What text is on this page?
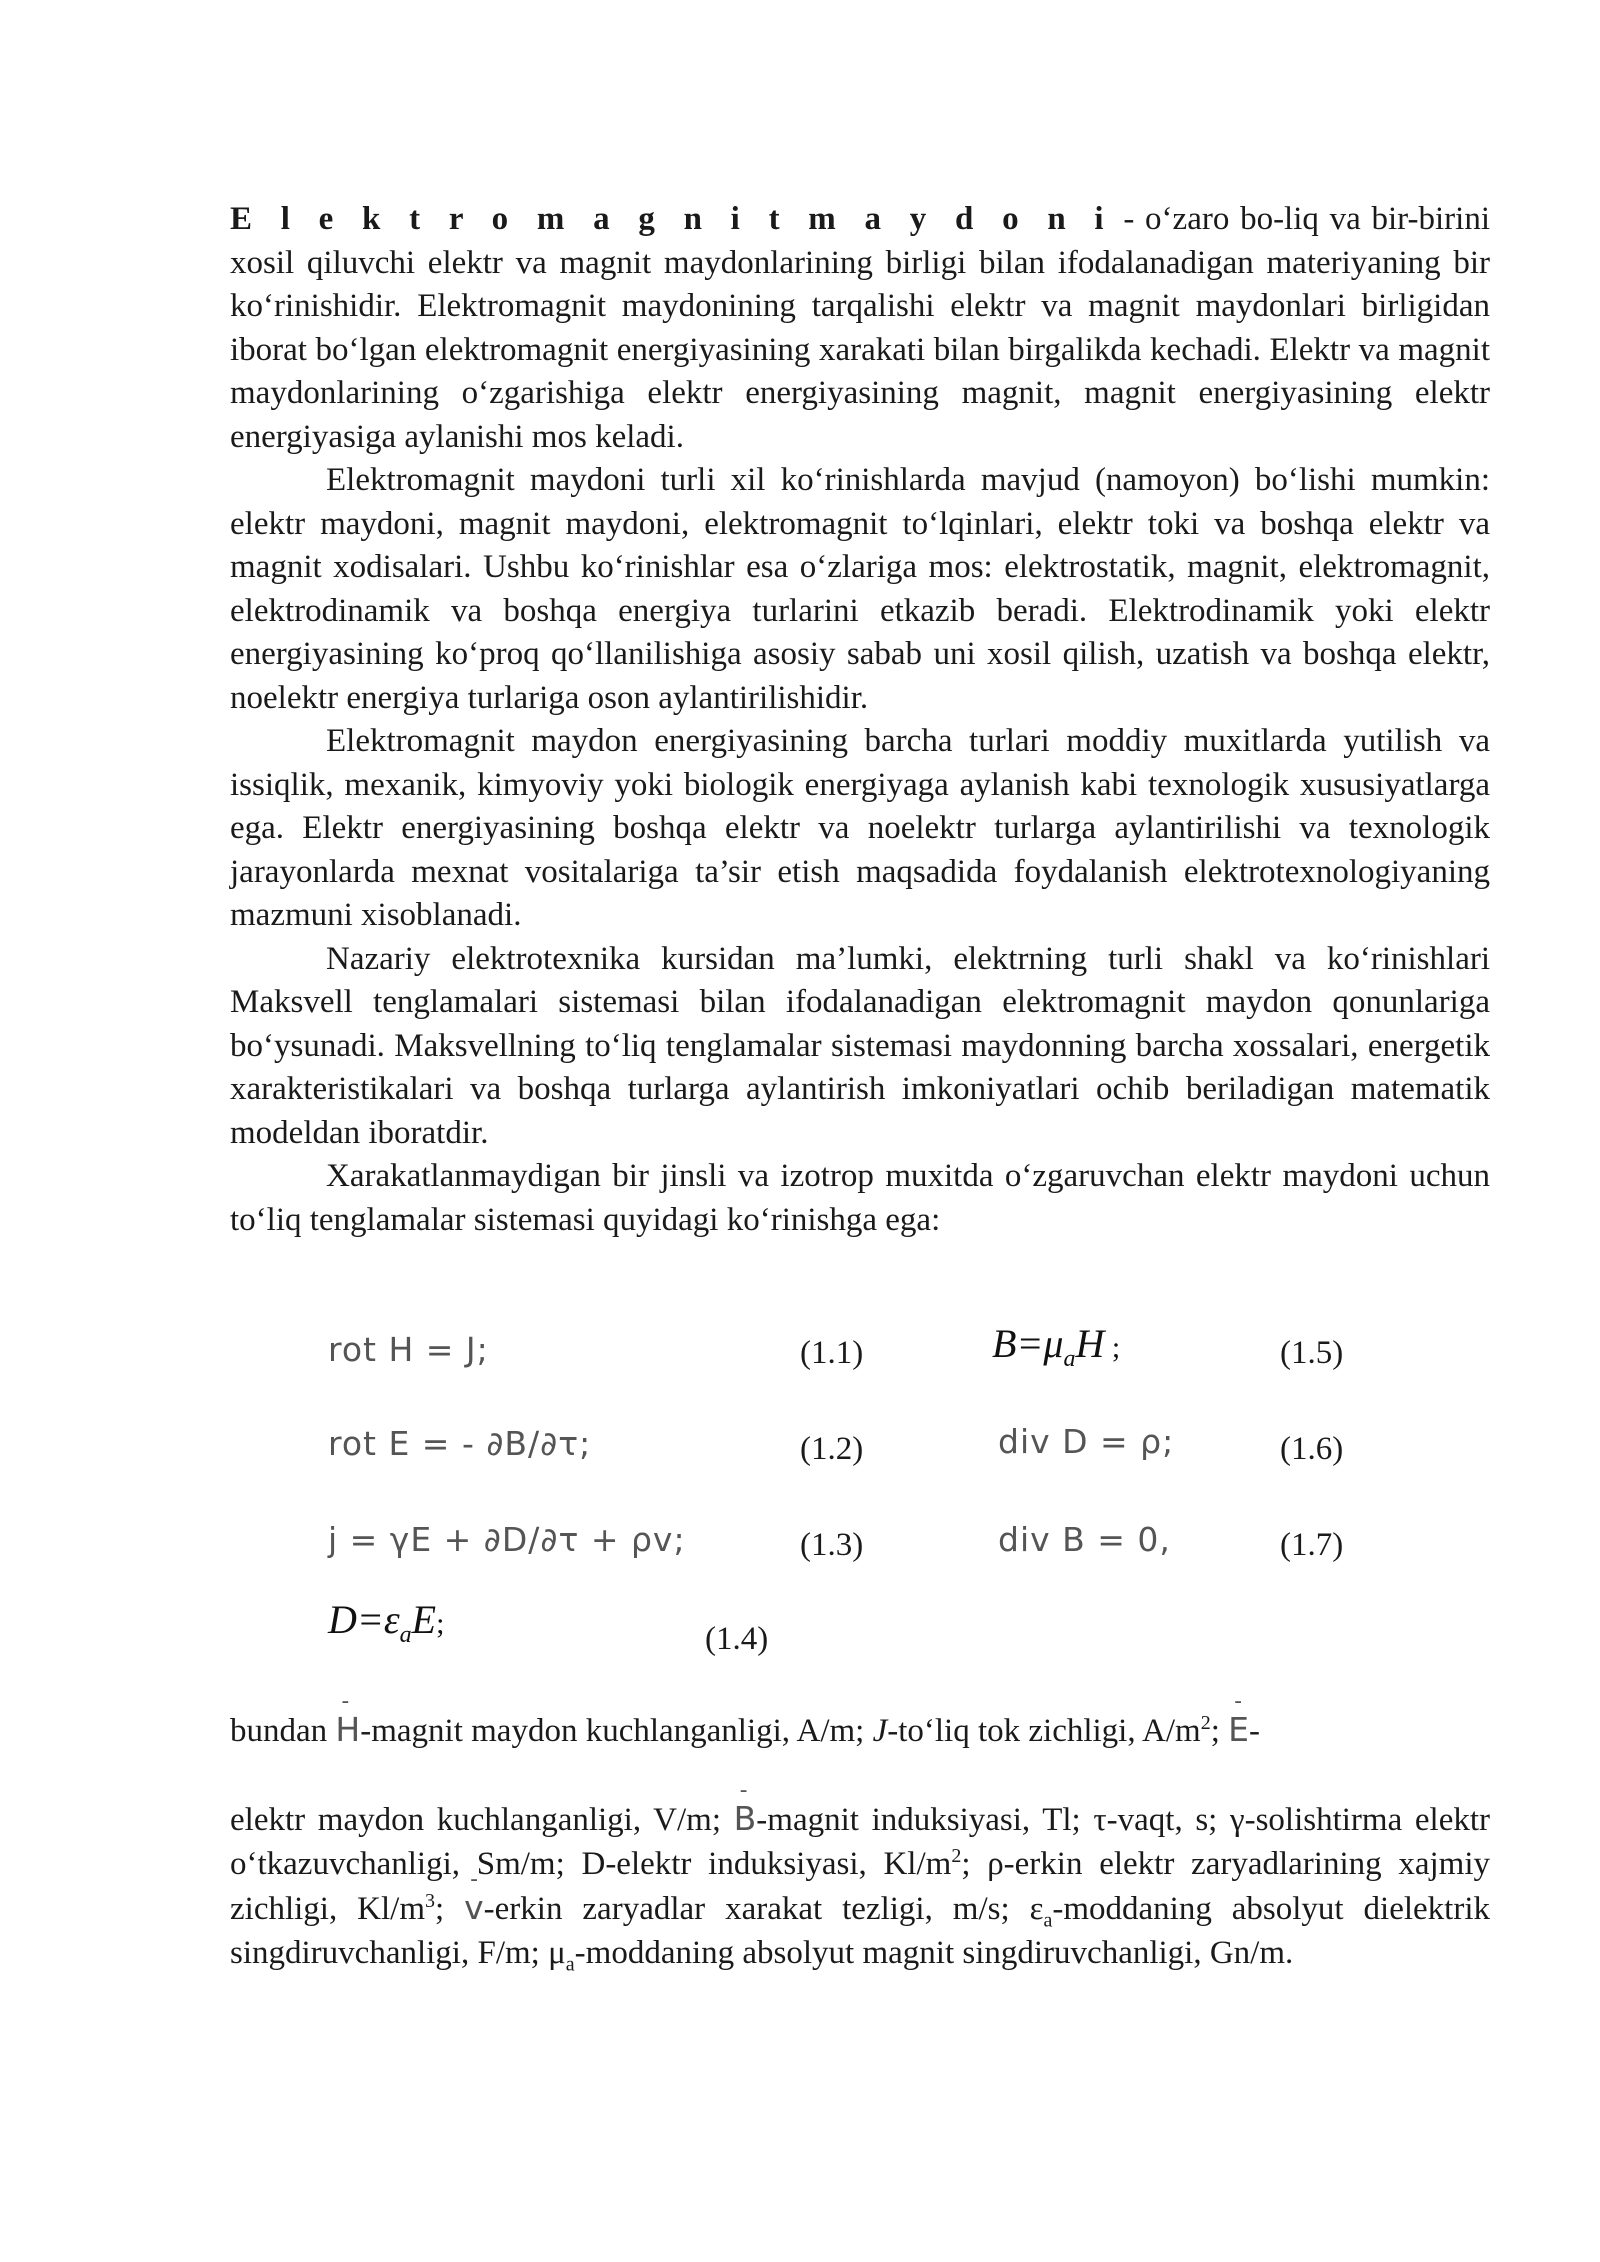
E l e k t r o m a g n i t m a y d o n i - o‘zaro bo-liq va bir-birini xosil qiluvchi elektr va magnit maydonlarining birligi bilan ifodalanadigan materiyaning bir ko‘rinishidir. Elektromagnit maydonining tarqalishi elektr va magnit maydonlari birligidan iborat bo‘lgan elektromagnit energiyasining xarakati bilan birgalikda kechadi. Elektr va magnit maydonlarining o‘zgarishiga elektr energiyasining magnit, magnit energiyasining elektr energiyasiga aylanishi mos keladi.

Elektromagnit maydoni turli xil ko‘rinishlarda mavjud (namoyon) bo‘lishi mumkin: elektr maydoni, magnit maydoni, elektromagnit to‘lqinlari, elektr toki va boshqa elektr va magnit xodisalari. Ushbu ko‘rinishlar esa o‘zlariga mos: elektrostatik, magnit, elektromagnit, elektrodinamik va boshqa energiya turlarini etkazib beradi. Elektrodinamik yoki elektr energiyasining ko‘proq qo‘llanilishiga asosiy sabab uni xosil qilish, uzatish va boshqa elektr, noelektr energiya turlariga oson aylantirilishidir.

Elektromagnit maydon energiyasining barcha turlari moddiy muxitlarda yutilish va issiqlik, mexanik, kimyoviy yoki biologik energiyaga aylanish kabi texnologik xususiyatlarga ega. Elektr energiyasining boshqa elektr va noelektr turlarga aylantirilishi va texnologik jarayonlarda mexnat vositalariga ta’sir etish maqsadida foydalanish elektrotexnologiyaning mazmuni xisoblanadi.

Nazariy elektrotexnika kursidan ma’lumki, elektrning turli shakl va ko‘rinishlari Maksvell tenglamalari sistemasi bilan ifodalanadigan elektromagnit maydon qonunlariga bo‘ysunadi. Maksvellning to‘liq tenglamalar sistemasi maydonning barcha xossalari, energetik xarakteristikalari va boshqa turlarga aylantirish imkoniyatlari ochib beriladigan matematik modeldan iboratdir.

Xarakatlanmaydigan bir jinsli va izotrop muxitda o‘zgaruvchan elektr maydoni uchun to‘liq tenglamalar sistemasi quyidagi ko‘rinishga ega:

rot H = J;	(1.1)
rot E = - ∂B/∂τ;	(1.2)
j = γE + ∂D/∂τ + ρv;	(1.3)
$D=\varepsilon_aE$;	(1.4)
$B=\mu_aH$ ;	(1.5)
div D = ρ;	(1.6)
div B = 0,	(1.7)

bundan - H-magnit maydon kuchlanganligi, A/m; J-to‘liq tok zichligi, $A/m^2$; - E-

elektr maydon kuchlanganligi, V/m; - B-magnit induksiyasi, Tl; τ-vaqt, s; γ-solishtirma elektr o‘tkazuvchanligi, Sm/m; D-elektr induksiyasi, $Kl/m^2$; ρ-erkin elektr zaryadlarining xajmiy zichligi, $Kl/m^3$; - v-erkin zaryadlar xarakat tezligi, m/s; $\varepsilon_a$-moddaning absolyut dielektrik singdiruvchanligi, F/m; $\mu_a$-moddaning absolyut magnit singdiruvchanligi, Gn/m.
